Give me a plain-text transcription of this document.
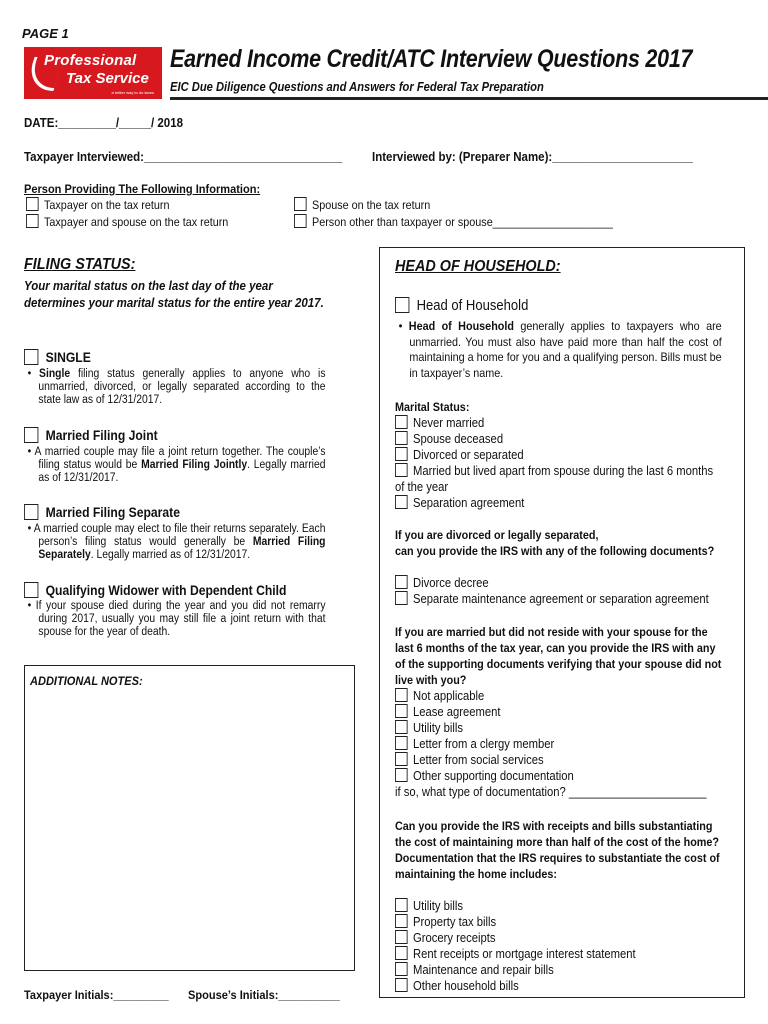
PAGE 1
Professional
Tax Service
a better way to do taxes
Earned Income Credit/ATC Interview Questions 2017
EIC Due Diligence Questions and Answers for Federal Tax Preparation
DATE:_________/_____/ 2018
Taxpayer Interviewed:_______________________________ Interviewed by: (Preparer Name):______________________
Person Providing The Following Information:
Taxpayer on the tax return
Taxpayer and spouse on the tax return
Spouse on the tax return
Person other than taxpayer or spouse____________________
FILING STATUS:
Your marital status on the last day of the year determines your marital status for the entire year 2017.
SINGLE
• Single filing status generally applies to anyone who is unmarried, divorced, or legally separated according to the state law as of 12/31/2017.
Married Filing Joint
• A married couple may file a joint return together. The couple’s filing status would be Married Filing Jointly. Legally married as of 12/31/2017.
Married Filing Separate
• A married couple may elect to file their returns separately. Each person’s filing status would generally be Married Filing Separately. Legally married as of 12/31/2017.
Qualifying Widower with Dependent Child
• If your spouse died during the year and you did not remarry during 2017, usually you may still file a joint return with that spouse for the year of death.
ADDITIONAL NOTES:
Taxpayer Initials:_________ Spouse’s Initials:__________
HEAD OF HOUSEHOLD:
Head of Household
• Head of Household generally applies to taxpayers who are unmarried. You must also have paid more than half the cost of maintaining a home for you and a qualifying person. Bills must be in taxpayer’s name.
Marital Status:
Never married
Spouse deceased
Divorced or separated
Married but lived apart from spouse during the last 6 months
of the year
Separation agreement
If you are divorced or legally separated,
can you provide the IRS with any of the following documents?
Divorce decree
Separate maintenance agreement or separation agreement
If you are married but did not reside with your spouse for the last 6 months of the tax year, can you provide the IRS with any of the supporting documents verifying that your spouse did not live with you?
Not applicable
Lease agreement
Utility bills
Letter from a clergy member
Letter from social services
Other supporting documentation
if so, what type of documentation? ______________________
Can you provide the IRS with receipts and bills substantiating
the cost of maintaining more than half of the cost of the home? Documentation that the IRS requires to substantiate the cost of maintaining the home includes:
Utility bills
Property tax bills
Grocery receipts
Rent receipts or mortgage interest statement
Maintenance and repair bills
Other household bills
